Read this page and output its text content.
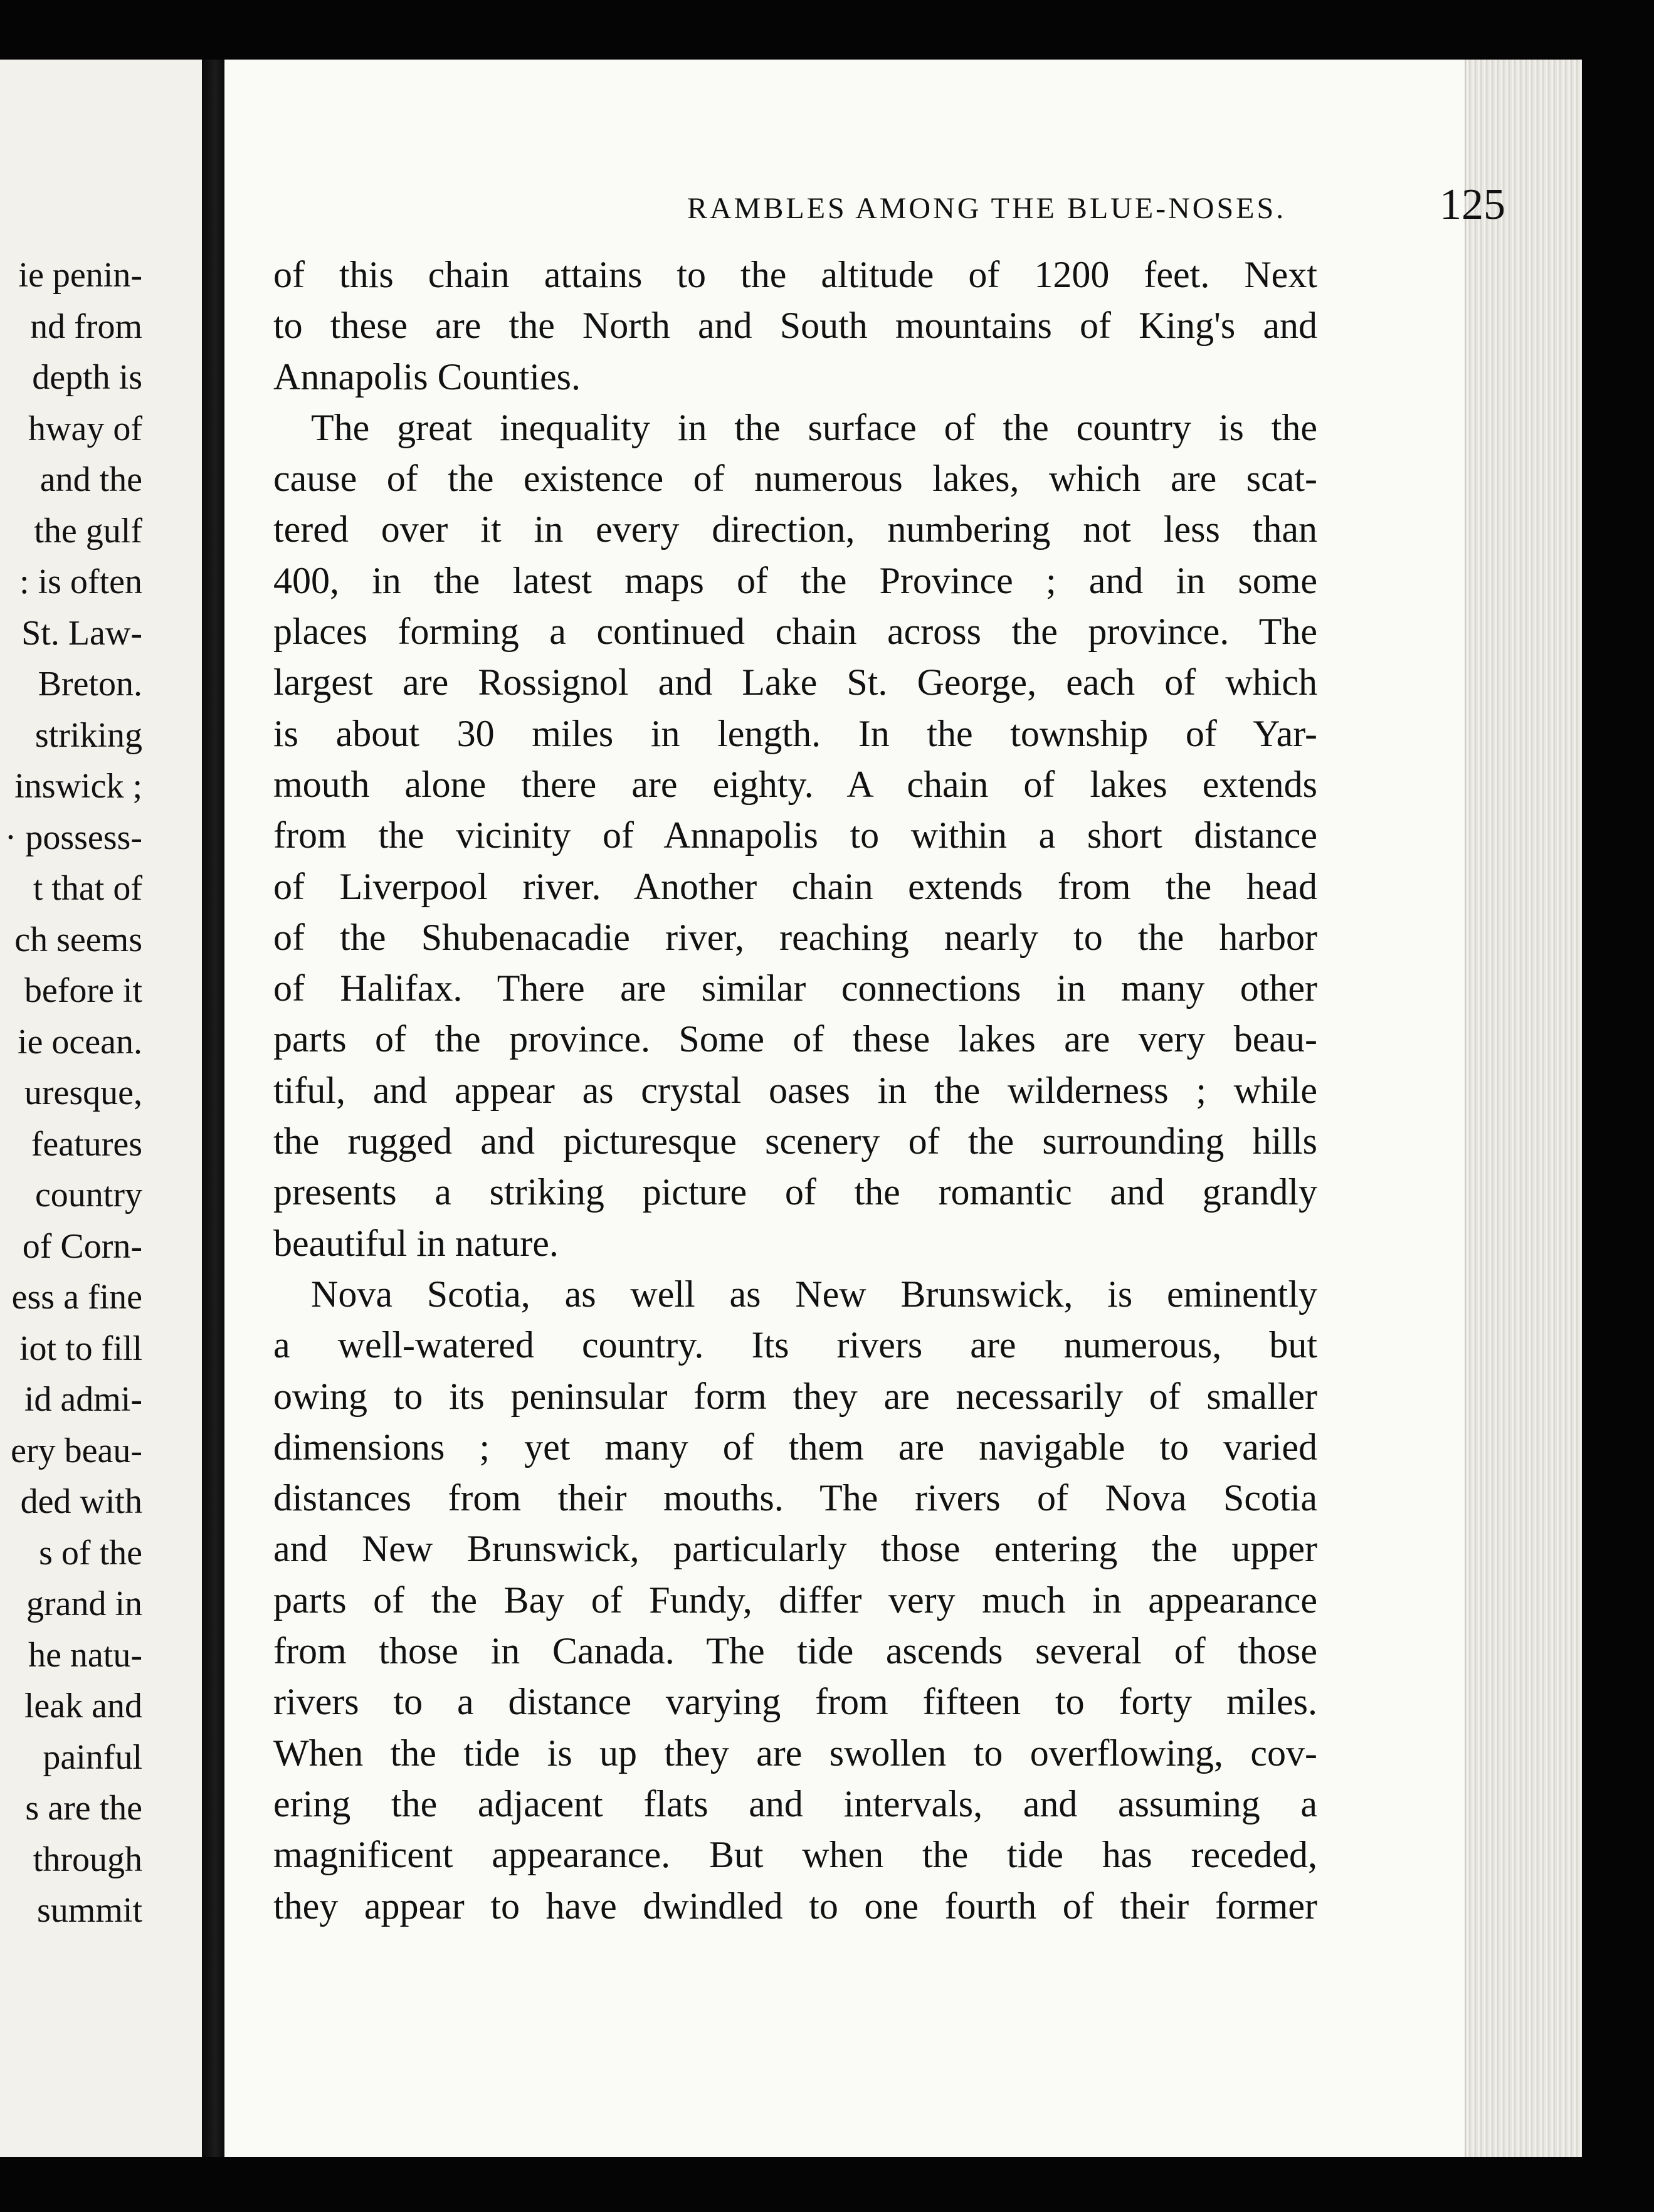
ie penin-
nd from
depth is
hway of
and the
the gulf
: is often
St. Law-
Breton.
striking
inswick ;
· possess-
t that of
ch seems
before it
ie ocean.
uresque,
features
country
of Corn-
ess a fine
iot to fill
id admi-
ery beau-
ded with
s of the
grand in
he natu-
leak and
painful
s are the
through
summit
RAMBLES AMONG THE BLUE-NOSES.	125
of this chain attains to the altitude of 1200 feet. Next
to these are the North and South mountains of King's and
Annapolis Counties.
The great inequality in the surface of the country is the
cause of the existence of numerous lakes, which are scat-
tered over it in every direction, numbering not less than
400, in the latest maps of the Province ; and in some
places forming a continued chain across the province. The
largest are Rossignol and Lake St. George, each of which
is about 30 miles in length. In the township of Yar-
mouth alone there are eighty. A chain of lakes extends
from the vicinity of Annapolis to within a short distance
of Liverpool river. Another chain extends from the head
of the Shubenacadie river, reaching nearly to the harbor
of Halifax. There are similar connections in many other
parts of the province. Some of these lakes are very beau-
tiful, and appear as crystal oases in the wilderness ; while
the rugged and picturesque scenery of the surrounding hills
presents a striking picture of the romantic and grandly
beautiful in nature.
Nova Scotia, as well as New Brunswick, is eminently
a well-watered country. Its rivers are numerous, but
owing to its peninsular form they are necessarily of smaller
dimensions ; yet many of them are navigable to varied
distances from their mouths. The rivers of Nova Scotia
and New Brunswick, particularly those entering the upper
parts of the Bay of Fundy, differ very much in appearance
from those in Canada. The tide ascends several of those
rivers to a distance varying from fifteen to forty miles.
When the tide is up they are swollen to overflowing, cov-
ering the adjacent flats and intervals, and assuming a
magnificent appearance. But when the tide has receded,
they appear to have dwindled to one fourth of their former
